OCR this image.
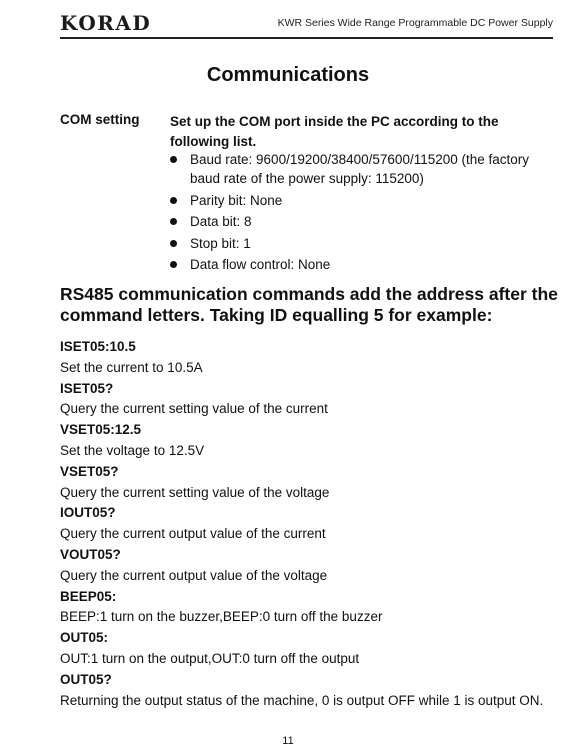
KORAD	KWR Series Wide Range Programmable DC Power Supply
Communications
COM setting Set up the COM port inside the PC according to the following list.
Baud rate: 9600/19200/38400/57600/115200 (the factory baud rate of the power supply: 115200)
Parity bit: None
Data bit: 8
Stop bit: 1
Data flow control: None
RS485 communication commands add the address after the command letters. Taking ID equalling 5 for example:
ISET05:10.5
Set the current to 10.5A
ISET05?
Query the current setting value of the current
VSET05:12.5
Set the voltage to 12.5V
VSET05?
Query the current setting value of the voltage
IOUT05?
Query the current output value of the current
VOUT05?
Query the current output value of the voltage
BEEP05:
BEEP:1 turn on the buzzer,BEEP:0 turn off the buzzer
OUT05:
OUT:1 turn on the output,OUT:0 turn off the output
OUT05?
Returning the output status of the machine, 0 is output OFF while 1 is output ON.
11
